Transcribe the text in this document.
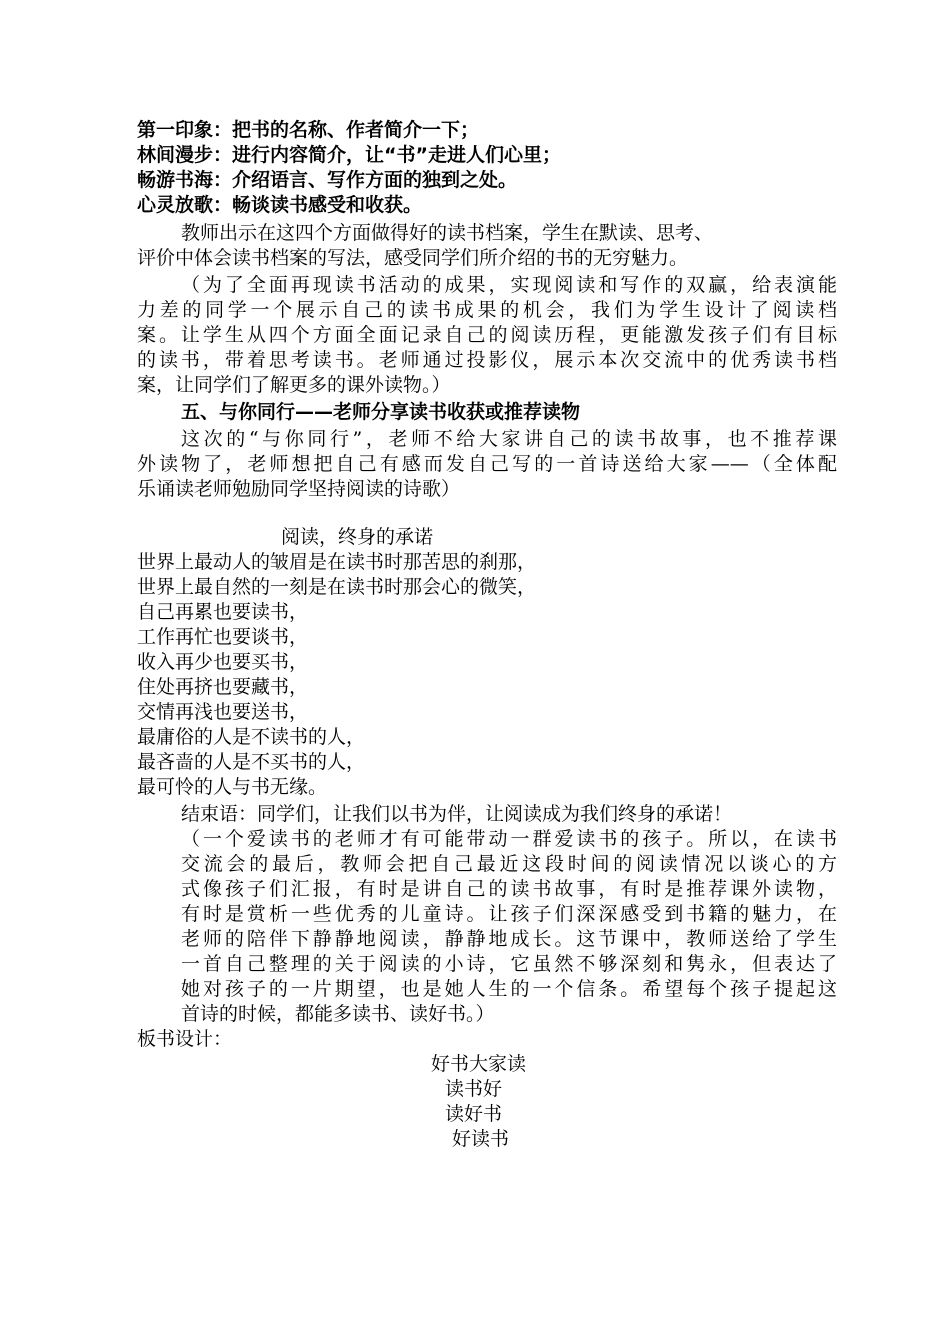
第一印象：把书的名称、作者简介一下；
林间漫步：进行内容简介，让“书”走进人们心里；
畅游书海：介绍语言、写作方面的独到之处。
心灵放歌：畅谈读书感受和收获。
教师出示在这四个方面做得好的读书档案，学生在默读、思考、
评价中体会读书档案的写法，感受同学们所介绍的书的无穷魅力。
（为了全面再现读书活动的成果，实现阅读和写作的双赢，给表演能
力差的同学一个展示自己的读书成果的机会，我们为学生设计了阅读档
案。让学生从四个方面全面记录自己的阅读历程，更能激发孩子们有目标
的读书，带着思考读书。老师通过投影仪，展示本次交流中的优秀读书档
案，让同学们了解更多的课外读物。）
五、与你同行——老师分享读书收获或推荐读物
这次的“与你同行”，老师不给大家讲自己的读书故事，也不推荐课
外读物了，老师想把自己有感而发自己写的一首诗送给大家——（全体配
乐诵读老师勉励同学坚持阅读的诗歌）
阅读，终身的承诺
世界上最动人的皱眉是在读书时那苦思的刹那，
世界上最自然的一刻是在读书时那会心的微笑，
自己再累也要读书，
工作再忙也要谈书，
收入再少也要买书，
住处再挤也要藏书，
交情再浅也要送书，
最庸俗的人是不读书的人，
最吝啬的人是不买书的人，
最可怜的人与书无缘。
结束语：同学们，让我们以书为伴，让阅读成为我们终身的承诺！
（一个爱读书的老师才有可能带动一群爱读书的孩子。所以，在读书
交流会的最后，教师会把自己最近这段时间的阅读情况以谈心的方
式像孩子们汇报，有时是讲自己的读书故事，有时是推荐课外读物，
有时是赏析一些优秀的儿童诗。让孩子们深深感受到书籍的魅力，在
老师的陪伴下静静地阅读，静静地成长。这节课中，教师送给了学生
一首自己整理的关于阅读的小诗，它虽然不够深刻和隽永，但表达了
她对孩子的一片期望，也是她人生的一个信条。希望每个孩子提起这
首诗的时候，都能多读书、读好书。）
板书设计：
好书大家读
读书好
读好书
好读书
